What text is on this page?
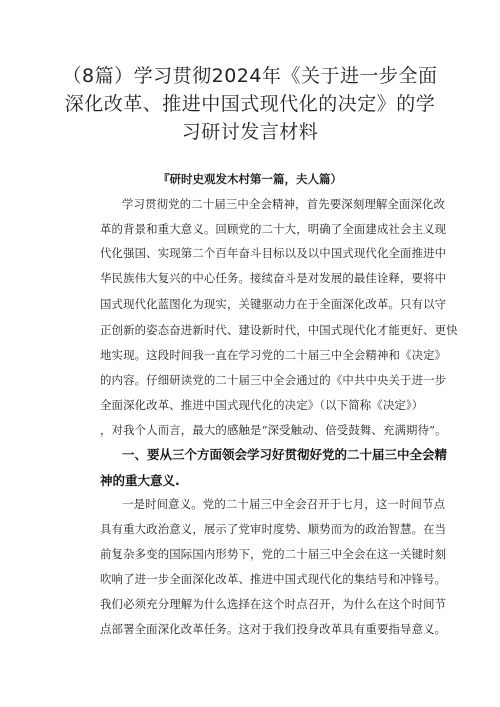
（8篇）学习贯彻2024年《关于进一步全面
深化改革、推进中国式现代化的决定》的学
习研讨发言材料
『研时史观发木村第一篇，夫人篇）
学习贯彻党的二十届三中全会精神，首先要深刻理解全面深化改
革的背景和重大意义。回顾党的二十大，明确了全面建成社会主义现
代化强国、实现第二个百年奋斗目标以及以中国式现代化全面推进中
华民族伟大复兴的中心任务。接续奋斗是对发展的最佳诠释，要将中
国式现代化蓝图化为现实，关键驱动力在于全面深化改革。只有以守
正创新的姿态奋进新时代、建设新时代，中国式现代化才能更好、更快
地实现。这段时间我一直在学习党的二十届三中全会精神和《决定》
的内容。仔细研读党的二十届三中全会通过的《中共中央关于进一步
全面深化改革、推进中国式现代化的决定》（以下简称《决定》）
，对我个人而言，最大的感触是“深受触动、倍受鼓舞、充满期待”。
一、要从三个方面领会学习好贯彻好党的二十届三中全会精
神的重大意义.
一是时间意义。党的二十届三中全会召开于七月，这一时间节点
具有重大政治意义，展示了党审时度势、顺势而为的政治智慧。在当
前复杂多变的国际国内形势下，党的二十届三中全会在这一关键时刻
吹响了进一步全面深化改革、推进中国式现代化的集结号和冲锋号。
我们必须充分理解为什么选择在这个时点召开，为什么在这个时间节
点部署全面深化改革任务。这对于我们投身改革具有重要指导意义。
